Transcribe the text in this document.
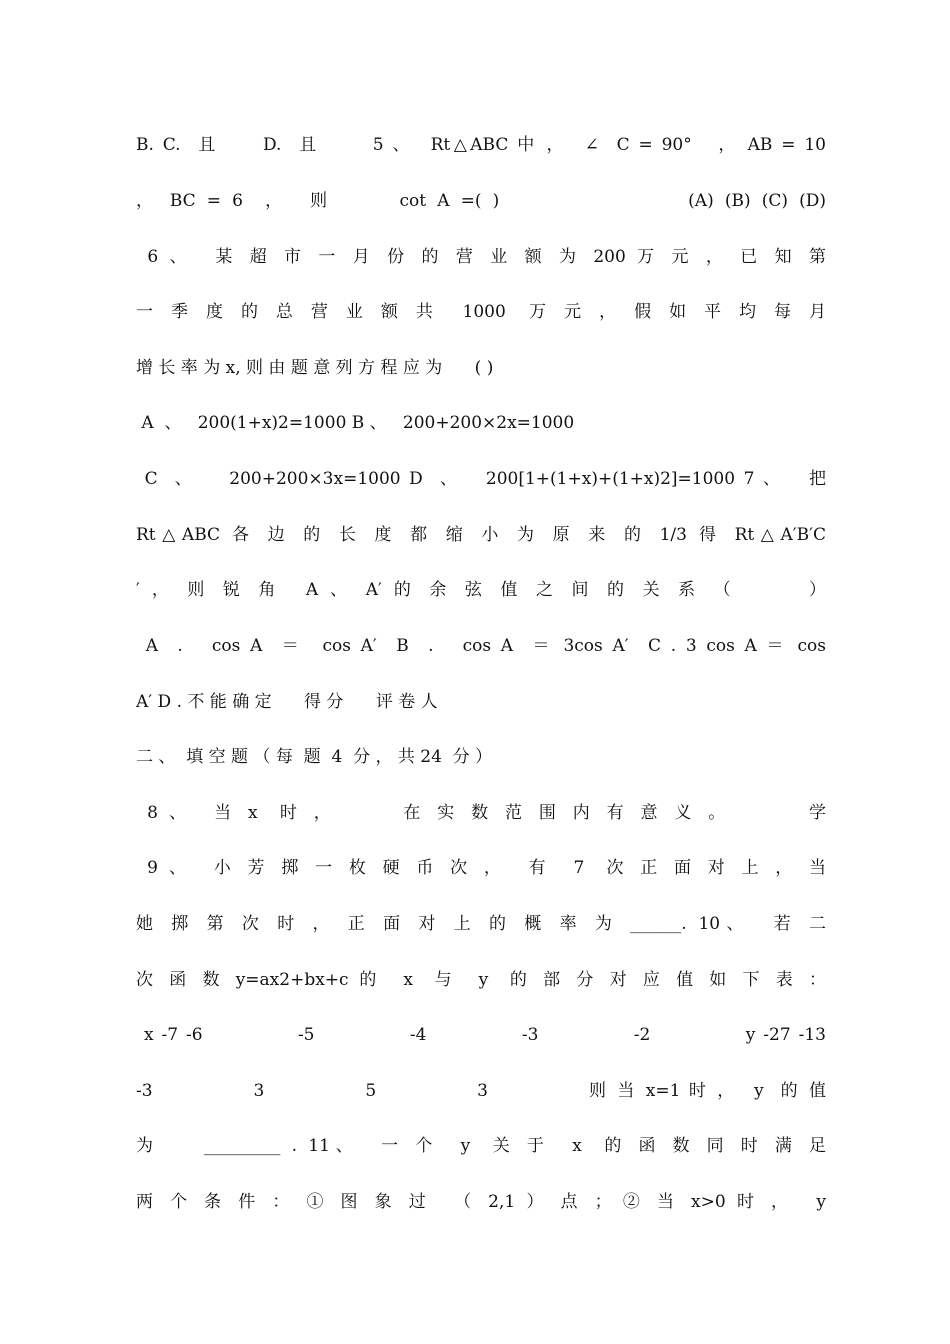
B. C.  且     D.  且      5 、  Rt△ABC 中 ，  ∠  C = 90°   ， AB = 10
， BC = 6  ，  则      cot A =( )                 (A) (B) (C) (D)
6 、  某 超 市 一 月 份 的 营 业 额 为 200 万 元 ， 已 知 第
一 季 度 的 总 营 业 额 共  1000  万 元 ， 假 如 平 均 每 月
增 长 率 为 x, 则 由 题 意 列 方 程 应 为      ( )
A  、   200(1+x)2=1000 B 、   200+200×2x=1000
C  、    200+200×3x=1000 D  、   200[1+(1+x)+(1+x)2]=1000 7 、   把
Rt△ABC 各 边 的 长 度 都 缩 小 为 原 来 的 1/3 得 Rt△A′B′C
′ ， 则 锐 角  A 、 A′ 的 余 弦 值 之 间 的 关 系 （      ）
A  .   cos A  ＝  cos A′  B  .   cos A  ＝ 3cos A′  C . 3 cos A ＝ cos
A′ D . 不 能 确 定      得 分      评 卷 人
二 、  填 空 题 （ 每  题  4  分 ， 共 24  分 ）
8 、  当 x  时 ，      在 实 数 范 围 内 有 意 义 。       学
9 、  小 芳 掷 一 枚 硬 币 次 ，  有  7  次 正 面 对 上 ， 当
她 掷 第 次 时 ， 正 面 对 上 的 概 率 为 ______. 10、  若 二
次 函 数 y=ax2+bx+c 的  x  与  y  的 部 分 对 应 值 如 下 表 ：
x -7 -6            -5            -4            -3            -2            y -27 -13
-3            3            5            3            则 当 x=1 时 ，  y  的 值
为    _________ . 11、  一 个  y  关 于  x  的 函 数 同 时 满 足
两 个 条 件 ： ① 图 象 过  （ 2,1 ） 点 ； ② 当 x>0 时 ，  y
